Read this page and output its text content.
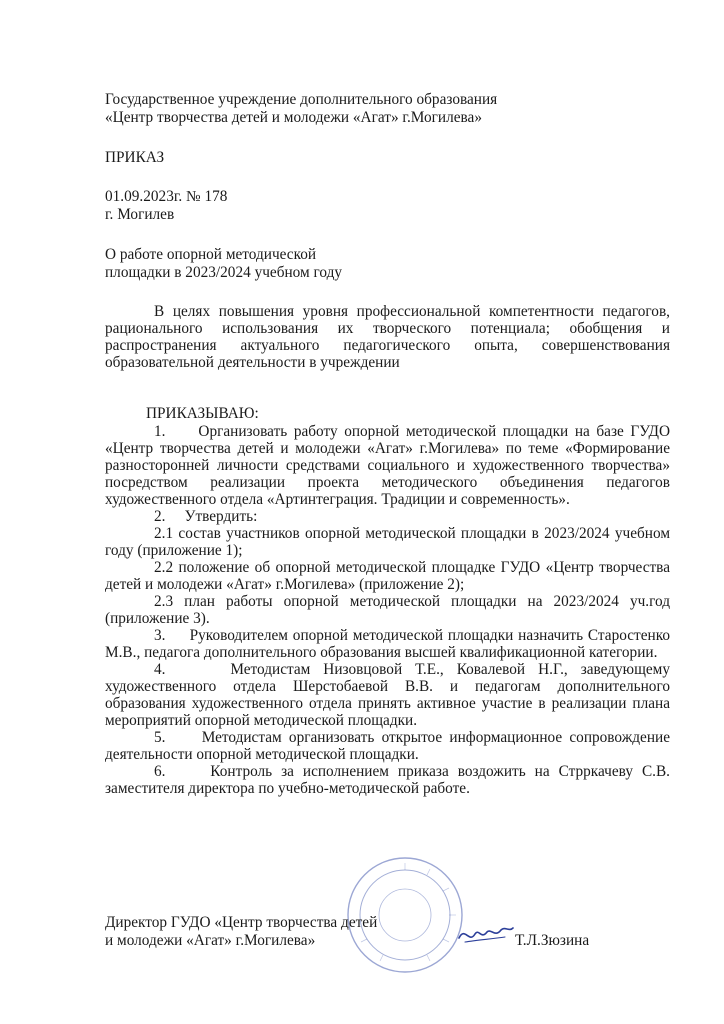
Государственное учреждение дополнительного образования
«Центр творчества детей и молодежи «Агат» г.Могилева»
ПРИКАЗ
01.09.2023г. № 178
г. Могилев
О работе опорной методической
площадки в 2023/2024 учебном году

В целях повышения уровня профессиональной компетентности педагогов, рационального использования их творческого потенциала; обобщения и распространения актуального педагогического опыта, совершенствования образовательной деятельности в учреждении

ПРИКАЗЫВАЮ:

1. Организовать работу опорной методической площадки на базе ГУДО «Центр творчества детей и молодежи «Агат» г.Могилева» по теме «Формирование разносторонней личности средствами социального и художественного творчества» посредством реализации проекта методического объединения педагогов художественного отдела «Артинтеграция. Традиции и современность».

2. Утвердить:

2.1 состав участников опорной методической площадки в 2023/2024 учебном году (приложение 1);

2.2 положение об опорной методической площадке ГУДО «Центр творчества детей и молодежи «Агат» г.Могилева» (приложение 2);

2.3 план работы опорной методической площадки на 2023/2024 уч.год (приложение 3).

3. Руководителем опорной методической площадки назначить Старостенко М.В., педагога дополнительного образования высшей квалификационной категории.

4.	Методистам Низовцовой Т.Е., Ковалевой Н.Г., заведующему художественного отдела Шерстобаевой В.В. и педагогам дополнительного образования художественного отдела принять активное участие в реализации плана мероприятий опорной методической площадки.

5. Методистам организовать открытое информационное сопровождение деятельности опорной методической площадки.

6.	Контроль за исполнением приказа воздожить на Стрркачеву С.В. заместителя директора по учебно-методической работе.

Директор ГУДО «Центр творчества детей
и молодежи «Агат» г.Могилева»	Т.Л.Зюзина
